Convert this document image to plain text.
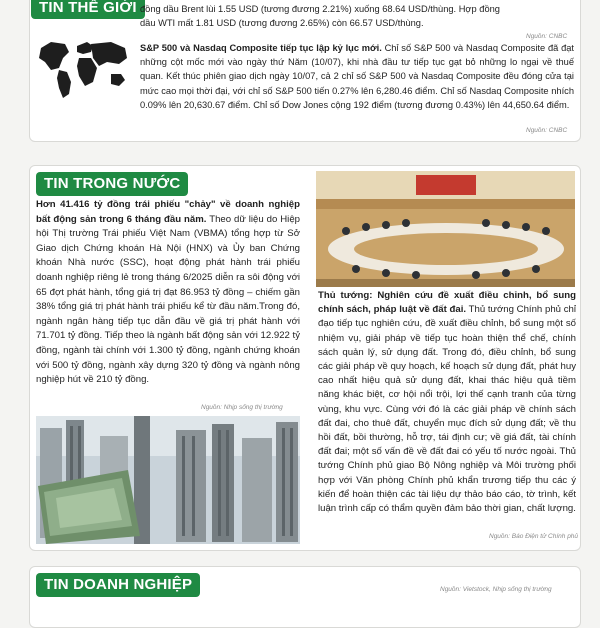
TIN THẾ GIỚI đồng dầu Brent lùi 1.55 USD (tương đương 2.21%) xuống 68.64 USD/thùng. Hợp đồng
dầu WTI mất 1.81 USD (tương đương 2.65%) còn 66.57 USD/thùng.
Nguồn: CNBC
S&P 500 và Nasdaq Composite tiếp tục lập kỷ lục mới. Chỉ số S&P 500 và Nasdaq Composite đã đạt những cột mốc mới vào ngày thứ Năm (10/07), khi nhà đầu tư tiếp tục gạt bỏ những lo ngại về thuế quan. Kết thúc phiên giao dịch ngày 10/07, cả 2 chỉ số S&P 500 và Nasdaq Composite đều đóng cửa tại mức cao mọi thời đại, với chỉ số S&P 500 tiến 0.27% lên 6,280.46 điểm. Chỉ số Nasdaq Composite nhích 0.09% lên 20,630.67 điểm. Chỉ số Dow Jones cộng 192 điểm (tương đương 0.43%) lên 44,650.64 điểm.
Nguồn: CNBC
TIN TRONG NƯỚC
Hơn 41.416 tỷ đồng trái phiếu "chảy" về doanh nghiệp bất động sản trong 6 tháng đầu năm. Theo dữ liệu do Hiệp hội Thị trường Trái phiếu Việt Nam (VBMA) tổng hợp từ Sở Giao dịch Chứng khoán Hà Nội (HNX) và Ủy ban Chứng khoán Nhà nước (SSC), hoạt động phát hành trái phiếu doanh nghiệp riêng lẻ trong tháng 6/2025 diễn ra sôi động với 65 đợt phát hành, tổng giá trị đạt 86.953 tỷ đồng – chiếm gần 38% tổng giá trị phát hành trái phiếu kể từ đầu năm.Trong đó, ngành ngân hàng tiếp tục dẫn đầu về giá trị phát hành với 71.701 tỷ đồng. Tiếp theo là ngành bất động sản với 12.922 tỷ đồng, ngành tài chính với 1.300 tỷ đồng, ngành chứng khoán với 500 tỷ đồng, ngành xây dựng 320 tỷ đồng và ngành nông nghiệp hút về 210 tỷ đồng.
Nguồn: Nhịp sống thị trường
Thủ tướng: Nghiên cứu đề xuất điều chỉnh, bổ sung chính sách, pháp luật về đất đai. Thủ tướng Chính phủ chỉ đạo tiếp tục nghiên cứu, đề xuất điều chỉnh, bổ sung một số nhiệm vụ, giải pháp về tiếp tục hoàn thiện thể chế, chính sách quản lý, sử dụng đất. Trong đó, điều chỉnh, bổ sung các giải pháp về quy hoạch, kế hoạch sử dụng đất, phát huy cao nhất hiệu quả sử dụng đất, khai thác hiệu quả tiềm năng khác biệt, cơ hội nổi trội, lợi thế cạnh tranh của từng vùng, khu vực. Cùng với đó là các giải pháp về chính sách đất đai, cho thuê đất, chuyển mục đích sử dụng đất; về thu hồi đất, bồi thường, hỗ trợ, tái định cư; về giá đất, tài chính đất đai; một số vấn đề về đất đai có yếu tố nước ngoài. Thủ tướng Chính phủ giao Bộ Nông nghiệp và Môi trường phối hợp với Văn phòng Chính phủ khẩn trương tiếp thu các ý kiến để hoàn thiện các tài liệu dự thảo báo cáo, tờ trình, kết luận trình cấp có thẩm quyền đảm bảo thời gian, chất lượng.
Nguồn: Báo Điện tử Chính phủ
TIN DOANH NGHIỆP	Nguồn: Vietstock, Nhịp sống thị trường
